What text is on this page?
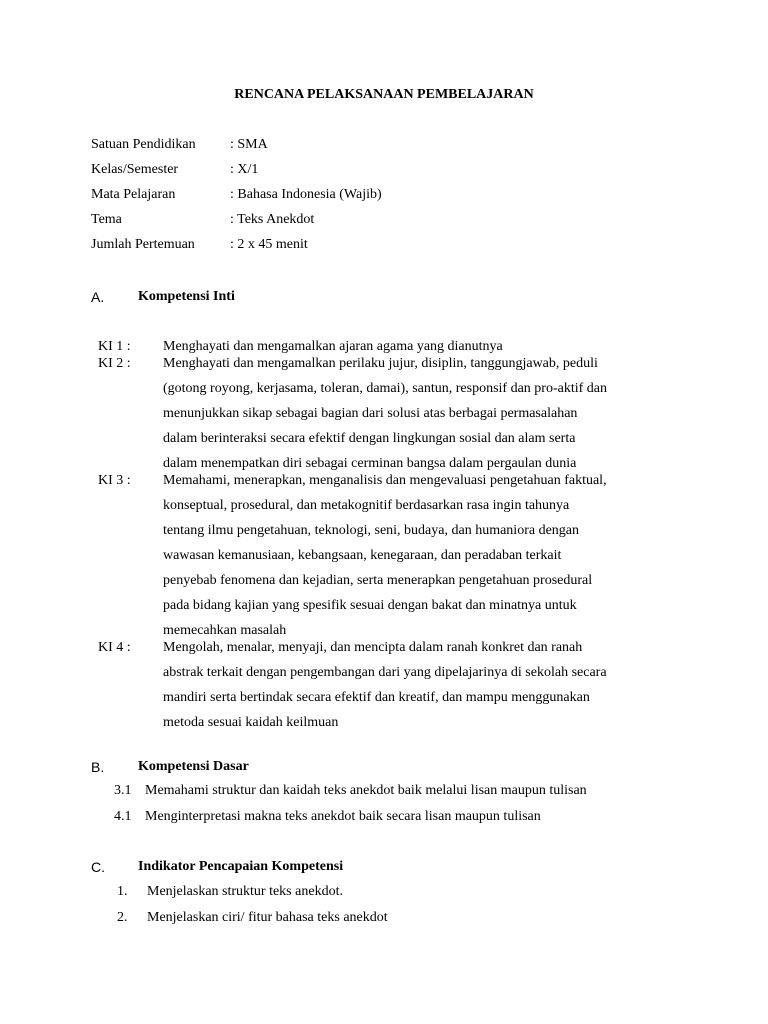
RENCANA PELAKSANAAN PEMBELAJARAN
Satuan Pendidikan : SMA
Kelas/Semester	: X/1
Mata Pelajaran	: Bahasa Indonesia (Wajib)
Tema	: Teks Anekdot
Jumlah Pertemuan	: 2 x 45 menit
A. Kompetensi Inti
KI 1 : Menghayati dan mengamalkan ajaran agama yang dianutnya
KI 2 : Menghayati dan mengamalkan perilaku jujur, disiplin, tanggungjawab, peduli
(gotong royong, kerjasama, toleran, damai), santun, responsif dan pro-aktif dan
menunjukkan sikap sebagai bagian dari solusi atas berbagai permasalahan
dalam berinteraksi secara efektif dengan lingkungan sosial dan alam serta
dalam menempatkan diri sebagai cerminan bangsa dalam pergaulan dunia
KI 3 : Memahami, menerapkan, menganalisis dan mengevaluasi pengetahuan faktual,
konseptual, prosedural, dan metakognitif berdasarkan rasa ingin tahunya
tentang ilmu pengetahuan, teknologi, seni, budaya, dan humaniora dengan
wawasan kemanusiaan, kebangsaan, kenegaraan, dan peradaban terkait
penyebab fenomena dan kejadian, serta menerapkan pengetahuan prosedural
pada bidang kajian yang spesifik sesuai dengan bakat dan minatnya untuk
memecahkan masalah
KI 4 : Mengolah, menalar, menyaji, dan mencipta dalam ranah konkret dan ranah
abstrak terkait dengan pengembangan dari yang dipelajarinya di sekolah secara
mandiri serta bertindak secara efektif dan kreatif, dan mampu menggunakan
metoda sesuai kaidah keilmuan
B. Kompetensi Dasar
3.1 Memahami struktur dan kaidah teks anekdot baik melalui lisan maupun tulisan
4.1 Menginterpretasi makna teks anekdot baik secara lisan maupun tulisan
C. Indikator Pencapaian Kompetensi
1. Menjelaskan struktur teks anekdot.
2. Menjelaskan ciri/ fitur bahasa teks anekdot
